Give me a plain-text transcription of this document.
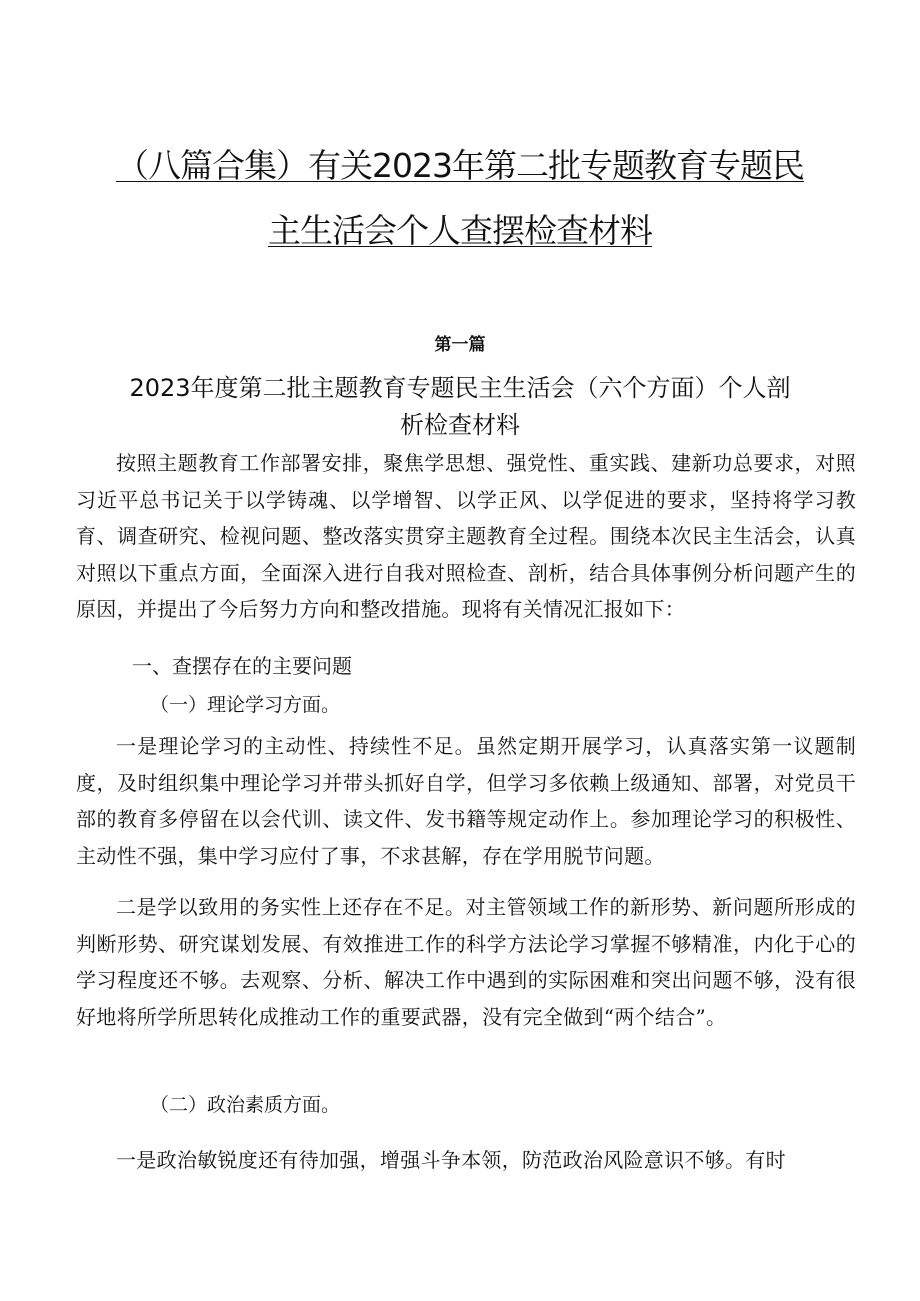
（八篇合集）有关2023年第二批专题教育专题民
主生活会个人查摆检查材料
第一篇
2023年度第二批主题教育专题民主生活会（六个方面）个人剖
析检查材料
按照主题教育工作部署安排，聚焦学思想、强党性、重实践、建新功总要求，对照习近平总书记关于以学铸魂、以学增智、以学正风、以学促进的要求，坚持将学习教育、调查研究、检视问题、整改落实贯穿主题教育全过程。围绕本次民主生活会，认真对照以下重点方面，全面深入进行自我对照检查、剖析，结合具体事例分析问题产生的原因，并提出了今后努力方向和整改措施。现将有关情况汇报如下：
一、查摆存在的主要问题
（一）理论学习方面。
一是理论学习的主动性、持续性不足。虽然定期开展学习，认真落实第一议题制度，及时组织集中理论学习并带头抓好自学，但学习多依赖上级通知、部署，对党员干部的教育多停留在以会代训、读文件、发书籍等规定动作上。参加理论学习的积极性、主动性不强，集中学习应付了事，不求甚解，存在学用脱节问题。
二是学以致用的务实性上还存在不足。对主管领域工作的新形势、新问题所形成的判断形势、研究谋划发展、有效推进工作的科学方法论学习掌握不够精准，内化于心的学习程度还不够。去观察、分析、解决工作中遇到的实际困难和突出问题不够，没有很好地将所学所思转化成推动工作的重要武器，没有完全做到“两个结合”。
（二）政治素质方面。
一是政治敏锐度还有待加强，增强斗争本领，防范政治风险意识不够。有时
